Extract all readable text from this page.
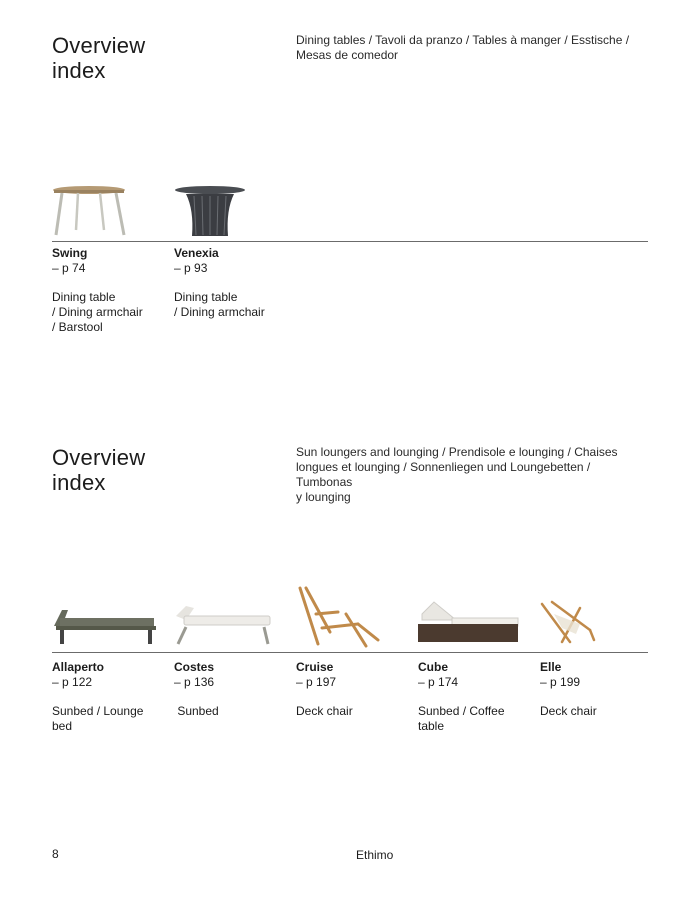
Overview
index

Dining tables / Tavoli da pranzo / Tables à manger / Esstische / Mesas de comedor

Swing
– p 74
Dining table
/ Dining armchair
/ Barstool
Venexia
– p 93
Dining table
/ Dining armchair
Overview
index
Sun loungers and lounging / Prendisole e lounging / Chaises
longues et lounging / Sonnenliegen und Loungebetten / Tumbonas
y lounging
Allaperto
– p 122
Sunbed / Lounge
bed
Costes
– p 136
Sunbed
Cruise
– p 197
Deck chair
Cube
– p 174
Sunbed / Coffee
table
Elle
– p 199
Deck chair
8	Ethimo
